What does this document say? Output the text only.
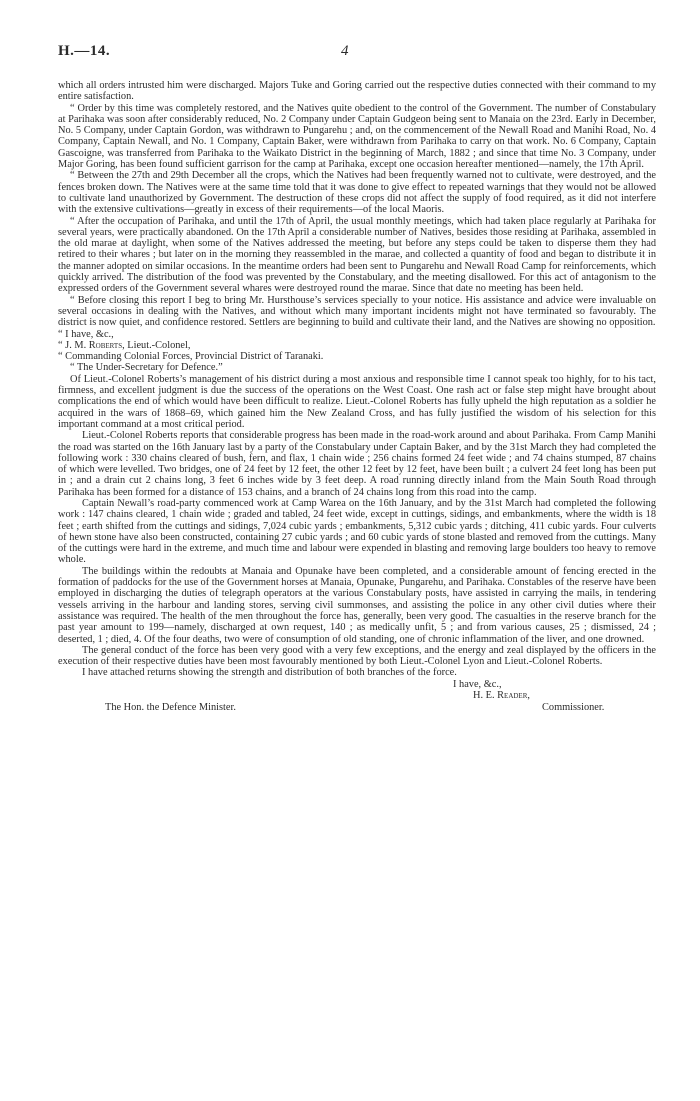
H.—14.	4

which all orders intrusted him were discharged. Majors Tuke and Goring carried out the respective duties connected with their command to my entire satisfaction.

“ Order by this time was completely restored, and the Natives quite obedient to the control of the Government. The number of Constabulary at Parihaka was soon after considerably reduced, No. 2 Company under Captain Gudgeon being sent to Manaia on the 23rd. Early in December, No. 5 Company, under Captain Gordon, was withdrawn to Pungarehu ; and, on the commencement of the Newall Road and Manihi Road, No. 4 Company, Captain Newall, and No. 1 Company, Captain Baker, were withdrawn from Parihaka to carry on that work. No. 6 Company, Captain Gascoigne, was transferred from Parihaka to the Waikato District in the beginning of March, 1882 ; and since that time No. 3 Company, under Major Goring, has been found sufficient garrison for the camp at Parihaka, except one occasion hereafter mentioned—namely, the 17th April.

“ Between the 27th and 29th December all the crops, which the Natives had been frequently warned not to cultivate, were destroyed, and the fences broken down. The Natives were at the same time told that it was done to give effect to repeated warnings that they would not be allowed to cultivate land unauthorized by Government. The destruction of these crops did not affect the supply of food required, as it did not interfere with the extensive cultivations—greatly in excess of their requirements—of the local Maoris.

“ After the occupation of Parihaka, and until the 17th of April, the usual monthly meetings, which had taken place regularly at Parihaka for several years, were practically abandoned. On the 17th April a considerable number of Natives, besides those residing at Parihaka, assembled in the old marae at daylight, when some of the Natives addressed the meeting, but before any steps could be taken to disperse them they had retired to their whares ; but later on in the morning they reassembled in the marae, and collected a quantity of food and began to distribute it in the manner adopted on similar occasions. In the meantime orders had been sent to Pungarehu and Newall Road Camp for reinforcements, which quickly arrived. The distribution of the food was prevented by the Constabulary, and the meeting disallowed. For this act of antagonism to the expressed orders of the Government several whares were destroyed round the marae. Since that date no meeting has been held.

“ Before closing this report I beg to bring Mr. Hursthouse’s services specially to your notice. His assistance and advice were invaluable on several occasions in dealing with the Natives, and without which many important incidents might not have terminated so favourably. The district is now quiet, and confidence restored. Settlers are beginning to build and cultivate their land, and the Natives are showing no opposition.

“ I have, &c.,

“ J. M. Roberts, Lieut.-Colonel,

“ Commanding Colonial Forces, Provincial District of Taranaki.

“ The Under-Secretary for Defence.”

Of Lieut.-Colonel Roberts’s management of his district during a most anxious and responsible time I cannot speak too highly, for to his tact, firmness, and excellent judgment is due the success of the operations on the West Coast. One rash act or false step might have brought about complications the end of which would have been difficult to realize. Lieut.-Colonel Roberts has fully upheld the high reputation as a soldier he acquired in the wars of 1868–69, which gained him the New Zealand Cross, and has fully justified the wisdom of his selection for this important command at a most critical period.

Lieut.-Colonel Roberts reports that considerable progress has been made in the road-work around and about Parihaka. From Camp Manihi the road was started on the 16th January last by a party of the Constabulary under Captain Baker, and by the 31st March they had completed the following work : 330 chains cleared of bush, fern, and flax, 1 chain wide ; 256 chains formed 24 feet wide ; and 74 chains stumped, 87 chains of which were levelled. Two bridges, one of 24 feet by 12 feet, the other 12 feet by 12 feet, have been built ; a culvert 24 feet long has been put in ; and a drain cut 2 chains long, 3 feet 6 inches wide by 3 feet deep. A road running directly inland from the Main South Road through Parihaka has been formed for a distance of 153 chains, and a branch of 24 chains long from this road into the camp.

Captain Newall’s road-party commenced work at Camp Warea on the 16th January, and by the 31st March had completed the following work : 147 chains cleared, 1 chain wide ; graded and tabled, 24 feet wide, except in cuttings, sidings, and embankments, where the width is 18 feet ; earth shifted from the cuttings and sidings, 7,024 cubic yards ; embankments, 5,312 cubic yards ; ditching, 411 cubic yards. Four culverts of hewn stone have also been constructed, containing 27 cubic yards ; and 60 cubic yards of stone blasted and removed from the cuttings. Many of the cuttings were hard in the extreme, and much time and labour were expended in blasting and removing large boulders too heavy to remove whole.

The buildings within the redoubts at Manaia and Opunake have been completed, and a considerable amount of fencing erected in the formation of paddocks for the use of the Government horses at Manaia, Opunake, Pungarehu, and Parihaka. Constables of the reserve have been employed in discharging the duties of telegraph operators at the various Constabulary posts, have assisted in carrying the mails, in tendering vessels arriving in the harbour and landing stores, serving civil summonses, and assisting the police in any other civil duties where their assistance was required. The health of the men throughout the force has, generally, been very good. The casualties in the reserve branch for the past year amount to 199—namely, discharged at own request, 140 ; as medically unfit, 5 ; and from various causes, 25 ; dismissed, 24 ; deserted, 1 ; died, 4. Of the four deaths, two were of consumption of old standing, one of chronic inflammation of the liver, and one drowned.

The general conduct of the force has been very good with a very few exceptions, and the energy and zeal displayed by the officers in the execution of their respective duties have been most favourably mentioned by both Lieut.-Colonel Lyon and Lieut.-Colonel Roberts.

I have attached returns showing the strength and distribution of both branches of the force.

I have, &c.,
H. E. Reader,
The Hon. the Defence Minister.	Commissioner.
